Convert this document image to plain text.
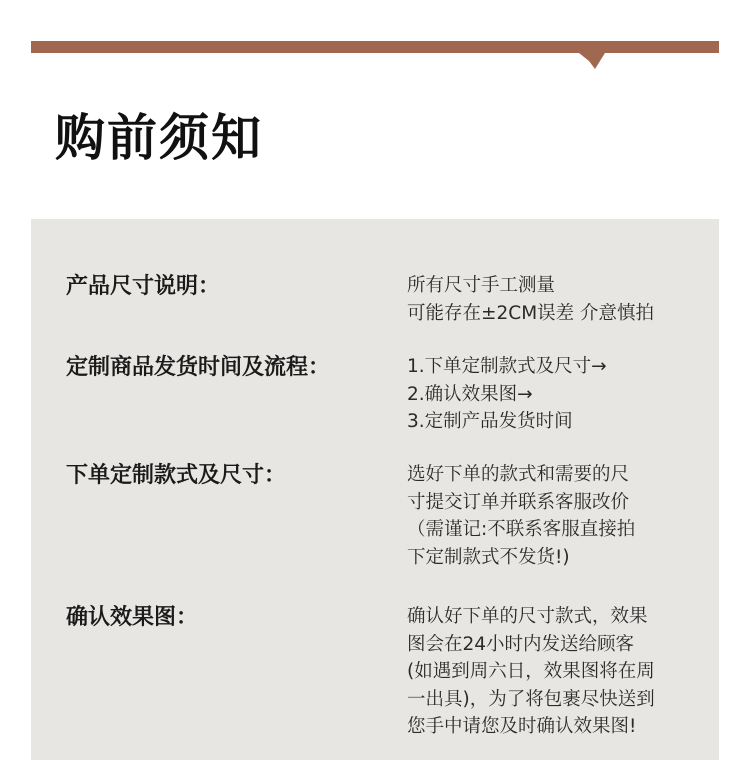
购前须知
产品尺寸说明：	所有尺寸手工测量
可能存在±2CM误差 介意慎拍
定制商品发货时间及流程：	1.下单定制款式及尺寸→
2.确认效果图→
3.定制产品发货时间
下单定制款式及尺寸：	选好下单的款式和需要的尺
寸提交订单并联系客服改价
（需谨记:不联系客服直接拍
下定制款式不发货!)
确认效果图：	确认好下单的尺寸款式，效果
图会在24小时内发送给顾客
(如遇到周六日，效果图将在周
一出具)，为了将包裹尽快送到
您手中请您及时确认效果图!
